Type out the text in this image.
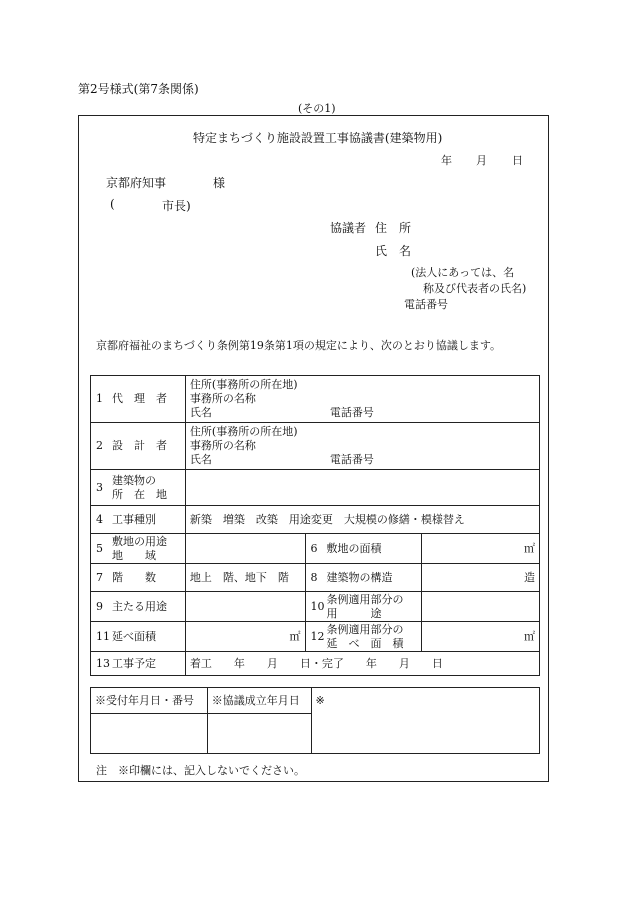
第2号様式(第7条関係)
(その1)
特定まちづくり施設設置工事協議書(建築物用)
年 月 日
京都府知事	様
(	市長)
協議者 住　所
氏　名
(法人にあっては、名
称及び代表者の氏名)
電話番号
京都府福祉のまちづくり条例第19条第1項の規定により、次のとおり協議します。
1 代　理　者	住所(事務所の所在地)
事務所の名称
氏名 電話番号		

2 設　計　者	住所(事務所の所在地)
事務所の名称
氏名 電話番号		

3
建築物の
所　在　地			

4 工事種別	新築　増築　改築　用途変更　大規模の修繕・模様替え		

5
敷地の用途
地　　域		6 敷地の面積	㎡
7 階　　数	地上　階、地下　階	8 建築物の構造	造
9 主たる用途		10
条例適用部分の
用　　　途	

11 延べ面積	㎡	12
条例適用部分の
延　べ　面　積	㎡
13 工事予定	着工　　年　　月　　日・完了　　年　　月　　日		
※受付年月日・番号	※協議成立年月日	※

注　※印欄には、記入しないでください。
